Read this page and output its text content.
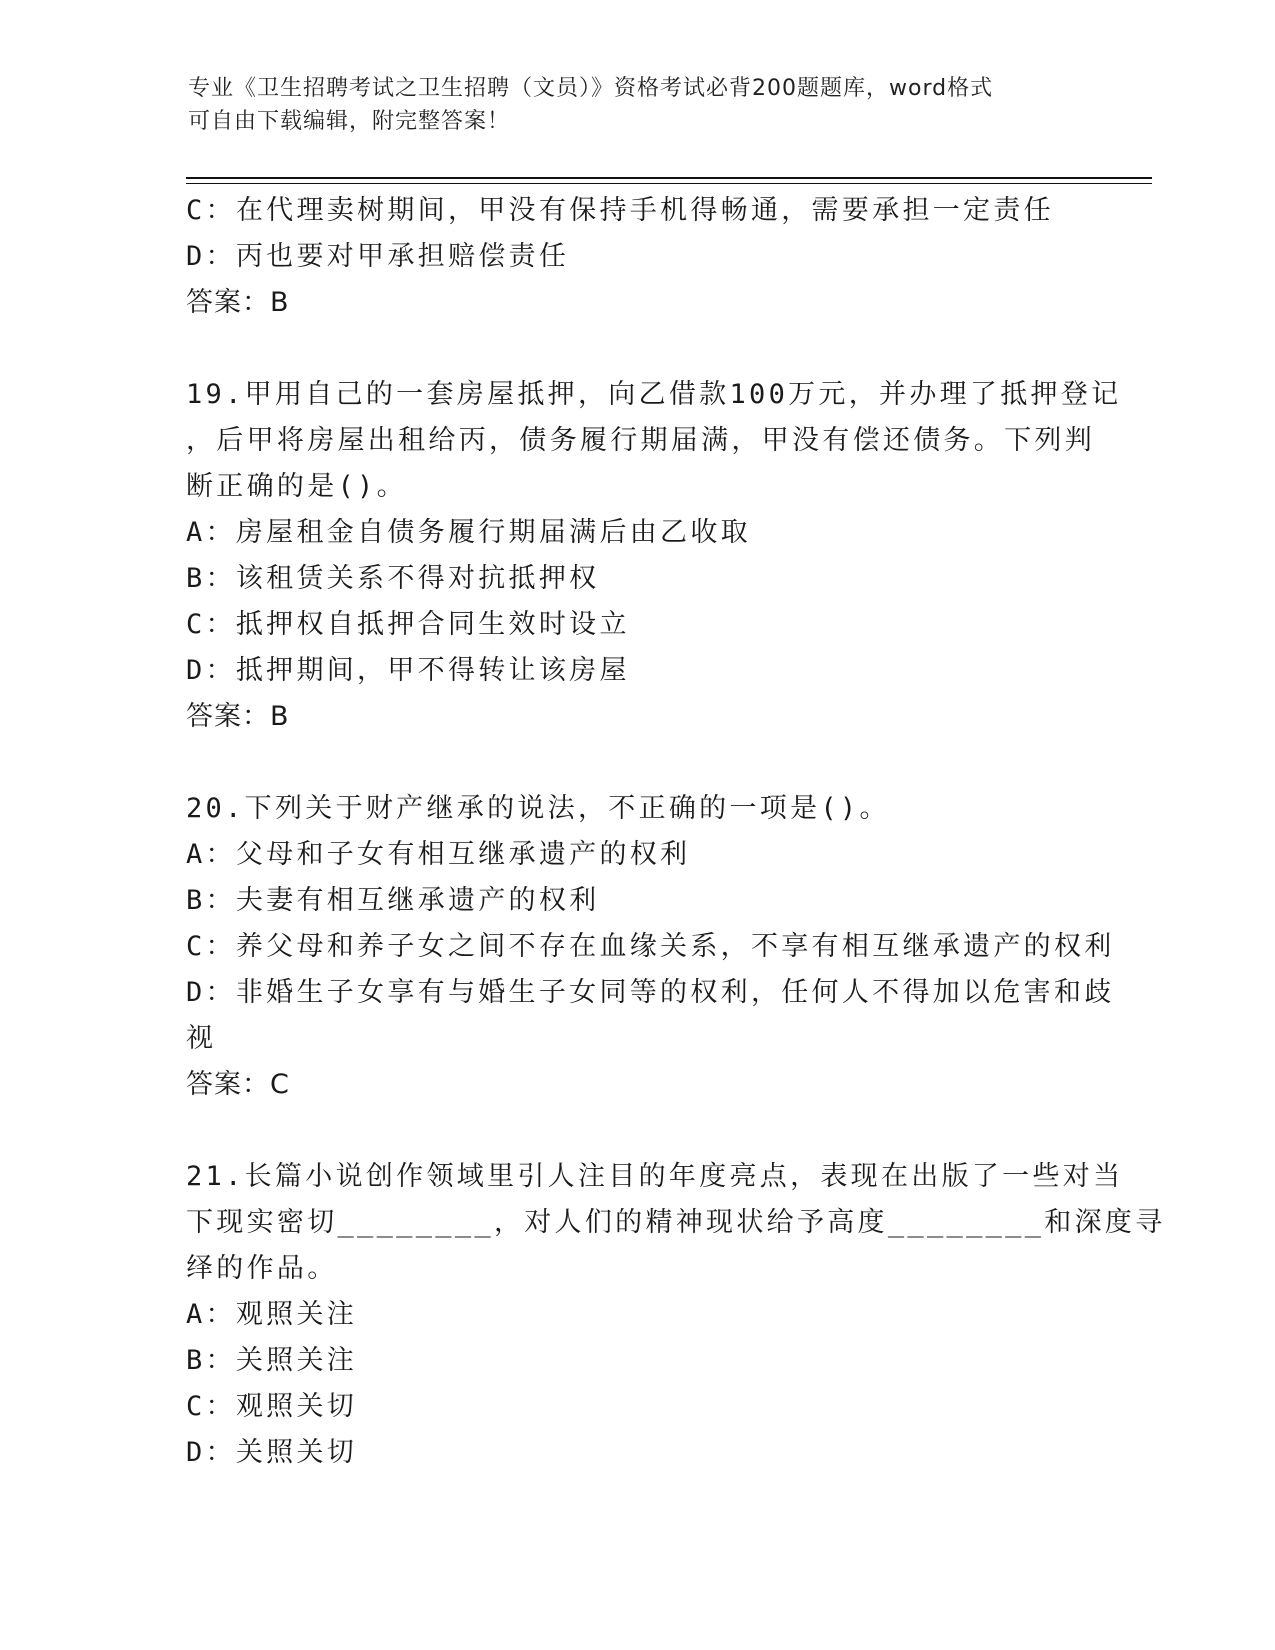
专业《卫生招聘考试之卫生招聘（文员）》资格考试必背200题题库，word格式
可自由下载编辑，附完整答案！
C：在代理卖树期间，甲没有保持手机得畅通，需要承担一定责任
D：丙也要对甲承担赔偿责任
答案：B
19.甲用自己的一套房屋抵押，向乙借款100万元，并办理了抵押登记
，后甲将房屋出租给丙，债务履行期届满，甲没有偿还债务。下列判
断正确的是()。
A：房屋租金自债务履行期届满后由乙收取
B：该租赁关系不得对抗抵押权
C：抵押权自抵押合同生效时设立
D：抵押期间，甲不得转让该房屋
答案：B
20.下列关于财产继承的说法，不正确的一项是()。
A：父母和子女有相互继承遗产的权利
B：夫妻有相互继承遗产的权利
C：养父母和养子女之间不存在血缘关系，不享有相互继承遗产的权利
D：非婚生子女享有与婚生子女同等的权利，任何人不得加以危害和歧
视
答案：C
21.长篇小说创作领域里引人注目的年度亮点，表现在出版了一些对当
下现实密切________，对人们的精神现状给予高度________和深度寻
绎的作品。
A：观照关注
B：关照关注
C：观照关切
D：关照关切
